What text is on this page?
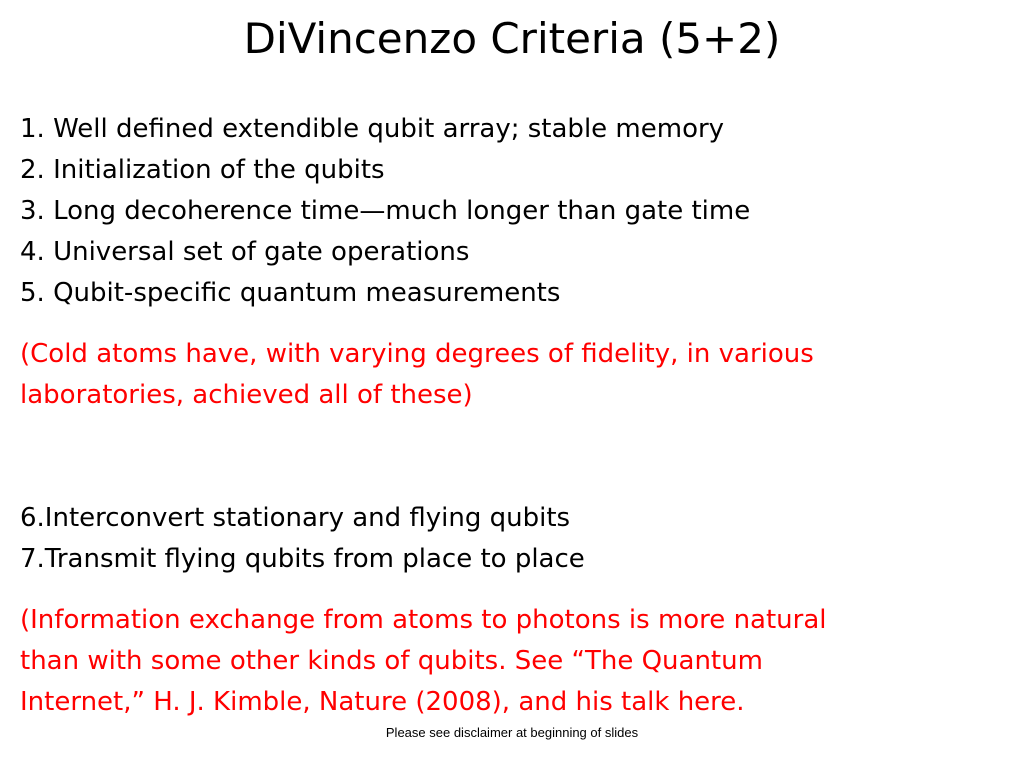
DiVincenzo Criteria (5+2)
1. Well defined extendible qubit array; stable memory
2. Initialization of the qubits
3. Long decoherence time—much longer than gate time
4. Universal set of gate operations
5. Qubit-specific quantum measurements
(Cold atoms have, with varying degrees of fidelity, in various
laboratories, achieved all of these)
6.Interconvert stationary and flying qubits
7.Transmit flying qubits from place to place
(Information exchange from atoms to photons is more natural
than with some other kinds of qubits. See “The Quantum
Internet,” H. J. Kimble, Nature (2008), and his talk here.
Please see disclaimer at beginning of slides
